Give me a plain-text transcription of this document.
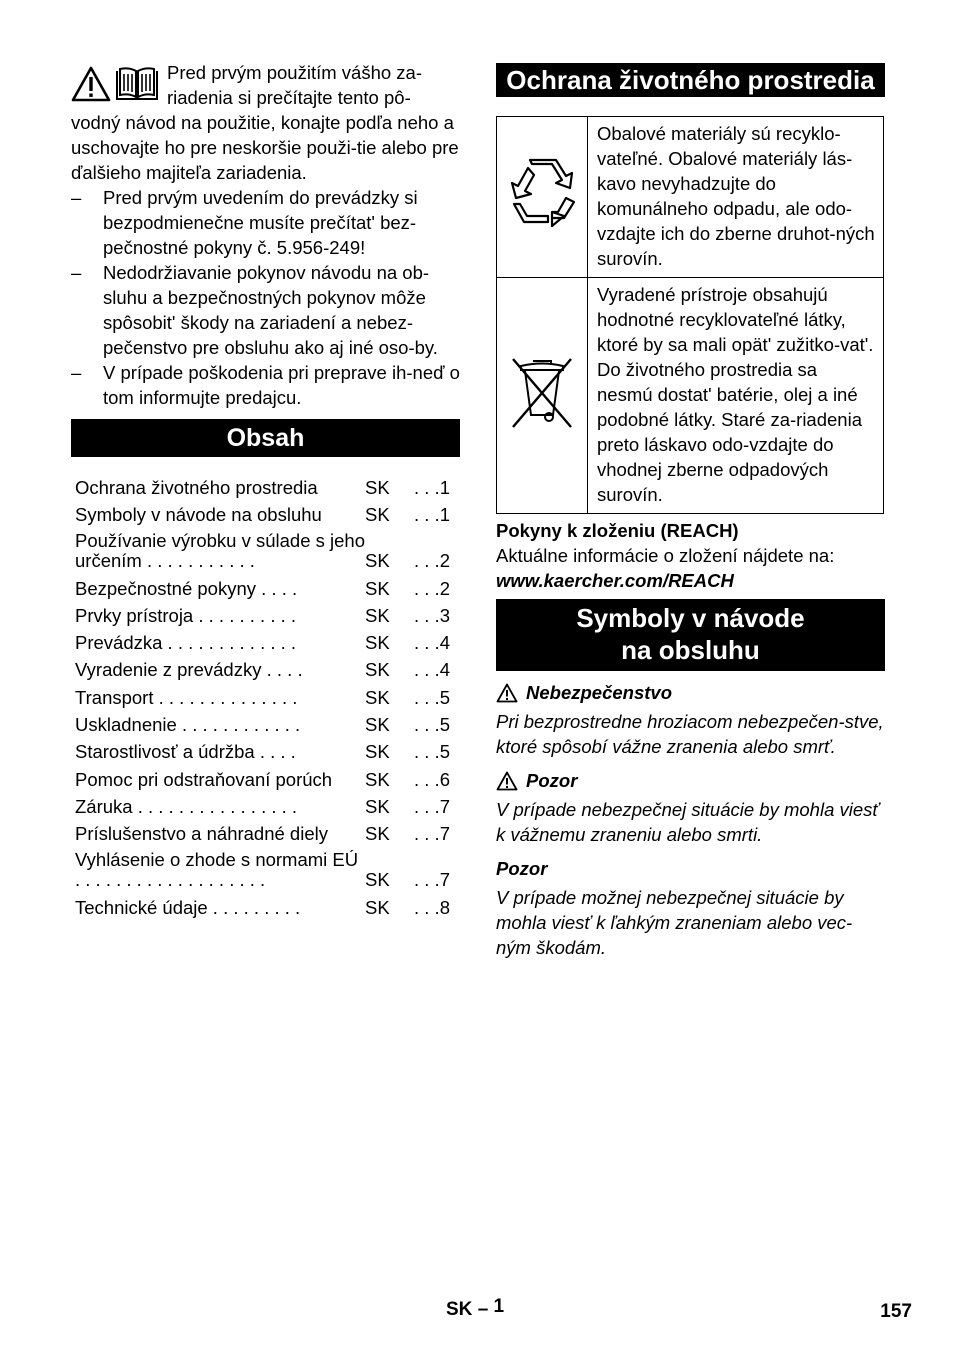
Pred prvým použitím vášho za-
riadenia si prečítajte tento pô- vodný návod na použitie, konajte podľa neho a uschovajte ho pre neskoršie použi-tie alebo pre ďalšieho majiteľa zariadenia.

– Pred prvým uvedením do prevádzky si bezpodmienečne musíte prečítat' bez-pečnostné pokyny č. 5.956-249!
– Nedodržiavanie pokynov návodu na ob-sluhu a bezpečnostných pokynov môže spôsobit' škody na zariadení a nebez-pečenstvo pre obsluhu ako aj iné oso-by.
– V prípade poškodenia pri preprave ih-neď o tom informujte predajcu.
Obsah
Ochrana životného prostredia	SK	. . .1
Symboly v návode na obsluhu	SK	. . .1
Používanie výrobku v súlade s jeho určením . . . . . . . . . . .	SK	. . .2
Bezpečnostné pokyny . . . .	SK	. . .2
Prvky prístroja . . . . . . . . . .	SK	. . .3
Prevádzka . . . . . . . . . . . . .	SK	. . .4
Vyradenie z prevádzky . . . .	SK	. . .4
Transport . . . . . . . . . . . . . .	SK	. . .5
Uskladnenie . . . . . . . . . . . .	SK	. . .5
Starostlivosť a údržba . . . .	SK	. . .5
Pomoc pri odstraňovaní porúch	SK	. . .6
Záruka . . . . . . . . . . . . . . . .	SK	. . .7
Príslušenstvo a náhradné diely	SK	. . .7
Vyhlásenie o zhode s normami EÚ . . . . . . . . . . . . . . . . . . .	SK	. . .7
Technické údaje . . . . . . . . .	SK	. . .8
Ochrana životného prostredia
	Obalové materiály sú recyklo-vateľné. Obalové materiály lás-kavo nevyhadzujte do komunálneho odpadu, ale odo-vzdajte ich do zberne druhot-ných surovín.
	Vyradené prístroje obsahujú hodnotné recyklovateľné látky, ktoré by sa mali opät' zužitko-vat'. Do životného prostredia sa nesmú dostat' batérie, olej a iné podobné látky. Staré za-riadenia preto láskavo odo-vzdajte do vhodnej zberne odpadových surovín.
Pokyny k zloženiu (REACH)
Aktuálne informácie o zložení nájdete na:
www.kaercher.com/REACH
Symboly v návode
na obsluhu
Nebezpečenstvo
Pri bezprostredne hroziacom nebezpečen-stve, ktoré spôsobí vážne zranenia alebo smrť.
Pozor
V prípade nebezpečnej situácie by mohla viesť k vážnemu zraneniu alebo smrti.
Pozor
V prípade možnej nebezpečnej situácie by mohla viesť k ľahkým zraneniam alebo vec-ným škodám.
SK – 1	157
